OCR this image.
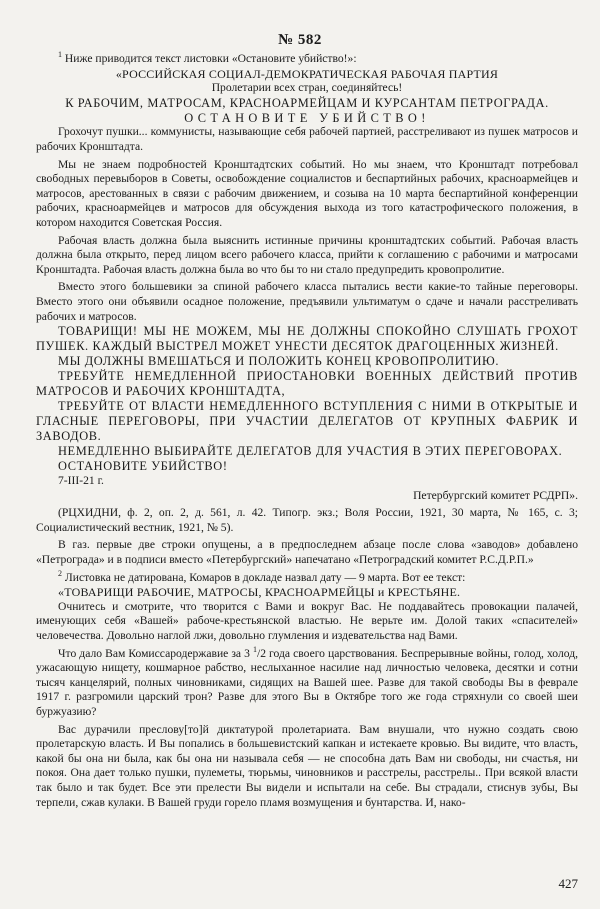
№ 582

$^1$ Ниже приводится текст листовки «Остановите убийство!»:

«РОССИЙСКАЯ СОЦИАЛ-ДЕМОКРАТИЧЕСКАЯ РАБОЧАЯ ПАРТИЯ

Пролетарии всех стран, соединяйтесь!

К РАБОЧИМ, МАТРОСАМ, КРАСНОАРМЕЙЦАМ И КУРСАНТАМ ПЕТРОГРАДА.

ОСТАНОВИТЕ УБИЙСТВО!

Грохочут пушки... коммунисты, называющие себя рабочей партией, расстреливают из пушек матросов и рабочих Кронштадта.

Мы не знаем подробностей Кронштадтских событий. Но мы знаем, что Кронштадт потребовал свободных перевыборов в Советы, освобождение социалистов и беспартийных рабочих, красноармейцев и матросов, арестованных в связи с рабочим движением, и созыва на 10 марта беспартийной конференции рабочих, красноармейцев и матросов для обсуждения выхода из того катастрофического положения, в котором находится Советская Россия.

Рабочая власть должна была выяснить истинные причины кронштадтских событий. Рабочая власть должна была открыто, перед лицом всего рабочего класса, прийти к соглашению с рабочими и матросами Кронштадта. Рабочая власть должна была во что бы то ни стало предупредить кровопролитие.

Вместо этого большевики за спиной рабочего класса пытались вести какие-то тайные переговоры. Вместо этого они объявили осадное положение, предъявили ультиматум о сдаче и начали расстреливать рабочих и матросов.

ТОВАРИЩИ! МЫ НЕ МОЖЕМ, МЫ НЕ ДОЛЖНЫ СПОКОЙНО СЛУШАТЬ ГРОХОТ ПУШЕК. КАЖДЫЙ ВЫСТРЕЛ МОЖЕТ УНЕСТИ ДЕСЯТОК ДРАГОЦЕННЫХ ЖИЗНЕЙ.

МЫ ДОЛЖНЫ ВМЕШАТЬСЯ И ПОЛОЖИТЬ КОНЕЦ КРОВОПРОЛИТИЮ.

ТРЕБУЙТЕ НЕМЕДЛЕННОЙ ПРИОСТАНОВКИ ВОЕННЫХ ДЕЙСТВИЙ ПРОТИВ МАТРОСОВ И РАБОЧИХ КРОНШТАДТА,

ТРЕБУЙТЕ ОТ ВЛАСТИ НЕМЕДЛЕННОГО ВСТУПЛЕНИЯ С НИМИ В ОТКРЫТЫЕ И ГЛАСНЫЕ ПЕРЕГОВОРЫ, ПРИ УЧАСТИИ ДЕЛЕГАТОВ ОТ КРУПНЫХ ФАБРИК И ЗАВОДОВ.

НЕМЕДЛЕННО ВЫБИРАЙТЕ ДЕЛЕГАТОВ ДЛЯ УЧАСТИЯ В ЭТИХ ПЕРЕГОВОРАХ.

ОСТАНОВИТЕ УБИЙСТВО!

7-III-21 г.

Петербургский комитет РСДРП».

(РЦХИДНИ, ф. 2, оп. 2, д. 561, л. 42. Типогр. экз.; Воля России, 1921, 30 марта, № 165, с. 3; Социалистический вестник, 1921, № 5).

В газ. первые две строки опущены, а в предпоследнем абзаце после слова «заводов» добавлено «Петрограда» и в подписи вместо «Петербургский» напечатано «Петроградский комитет Р.С.Д.Р.П.»

$^2$ Листовка не датирована, Комаров в докладе назвал дату — 9 марта. Вот ее текст:

«ТОВАРИЩИ РАБОЧИЕ, МАТРОСЫ, КРАСНОАРМЕЙЦЫ и КРЕСТЬЯНЕ.

Очнитесь и смотрите, что творится с Вами и вокруг Вас. Не поддавайтесь провокации палачей, именующих себя «Вашей» рабоче-крестьянской властью. Не верьте им. Долой таких «спасителей» человечества. Довольно наглой лжи, довольно глумления и издевательства над Вами.

Что дало Вам Комиссародержавие за 3 $^1$/2 года своего царствования. Беспрерывные войны, голод, холод, ужасающую нищету, кошмарное рабство, неслыханное насилие над личностью человека, десятки и сотни тысяч канцелярий, полных чиновниками, сидящих на Вашей шее. Разве для такой свободы Вы в феврале 1917 г. разгромили царский трон? Разве для этого Вы в Октябре того же года стряхнули со своей шеи буржуазию?

Вас дурачили преслову[то]й диктатурой пролетариата. Вам внушали, что нужно создать свою пролетарскую власть. И Вы попались в большевистский капкан и истекаете кровью. Вы видите, что власть, какой бы она ни была, как бы она ни называла себя — не способна дать Вам ни свободы, ни счастья, ни покоя. Она дает только пушки, пулеметы, тюрьмы, чиновников и расстрелы, расстрелы.. При всякой власти так было и так будет. Все эти прелести Вы видели и испытали на себе. Вы страдали, стиснув зубы, Вы терпели, сжав кулаки. В Вашей груди горело пламя возмущения и бунтарства. И, нако-

427
